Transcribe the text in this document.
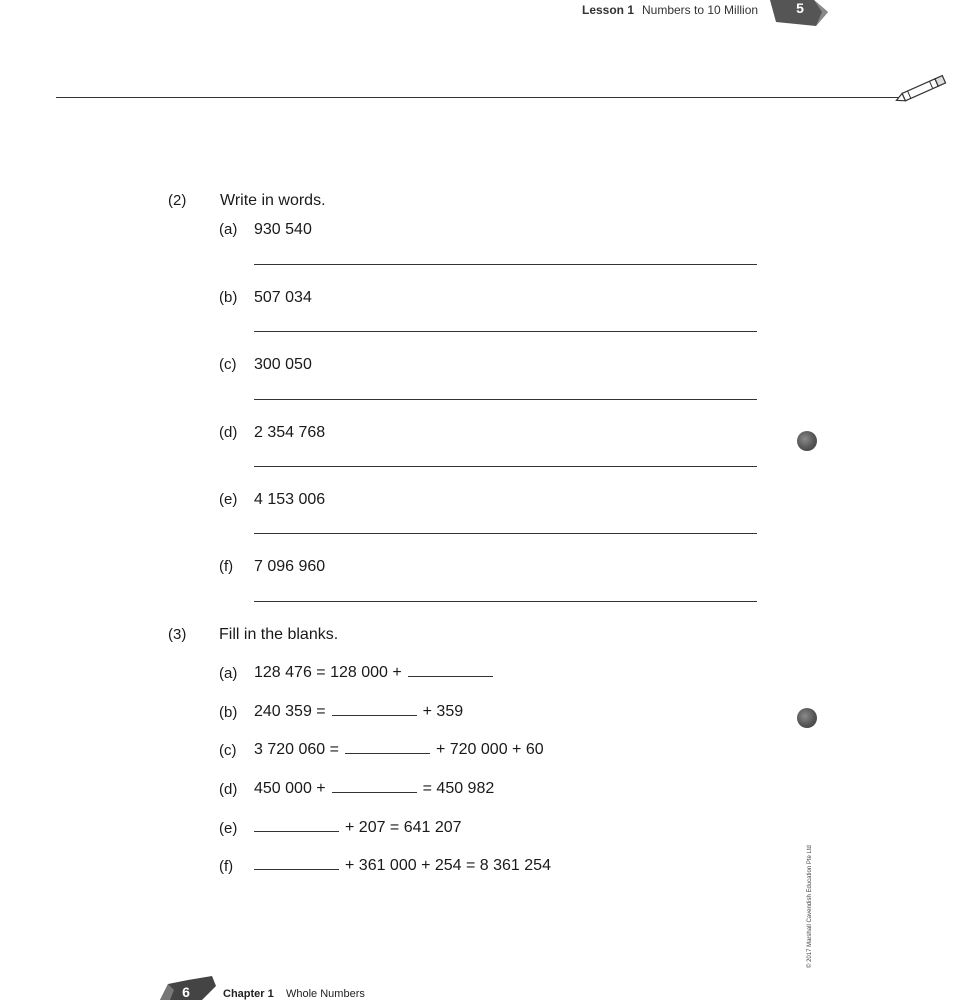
Lesson 1 Numbers to 10 Million	5
(2) Write in words.
(a) 930 540
(b) 507 034
(c) 300 050
(d) 2 354 768
(e) 4 153 006
(f) 7 096 960
(3) Fill in the blanks.
(a) 128 476 = 128 000 +
(b) 240 359 =	+ 359
(c) 3 720 060 =	+ 720 000 + 60
(d) 450 000 +	= 450 982
(e)	+ 207 = 641 207
(f)	+ 361 000 + 254 = 8 361 254	© 2017 Marshall Cavendish Education Pte Ltd
6	Chapter 1 Whole Numbers
